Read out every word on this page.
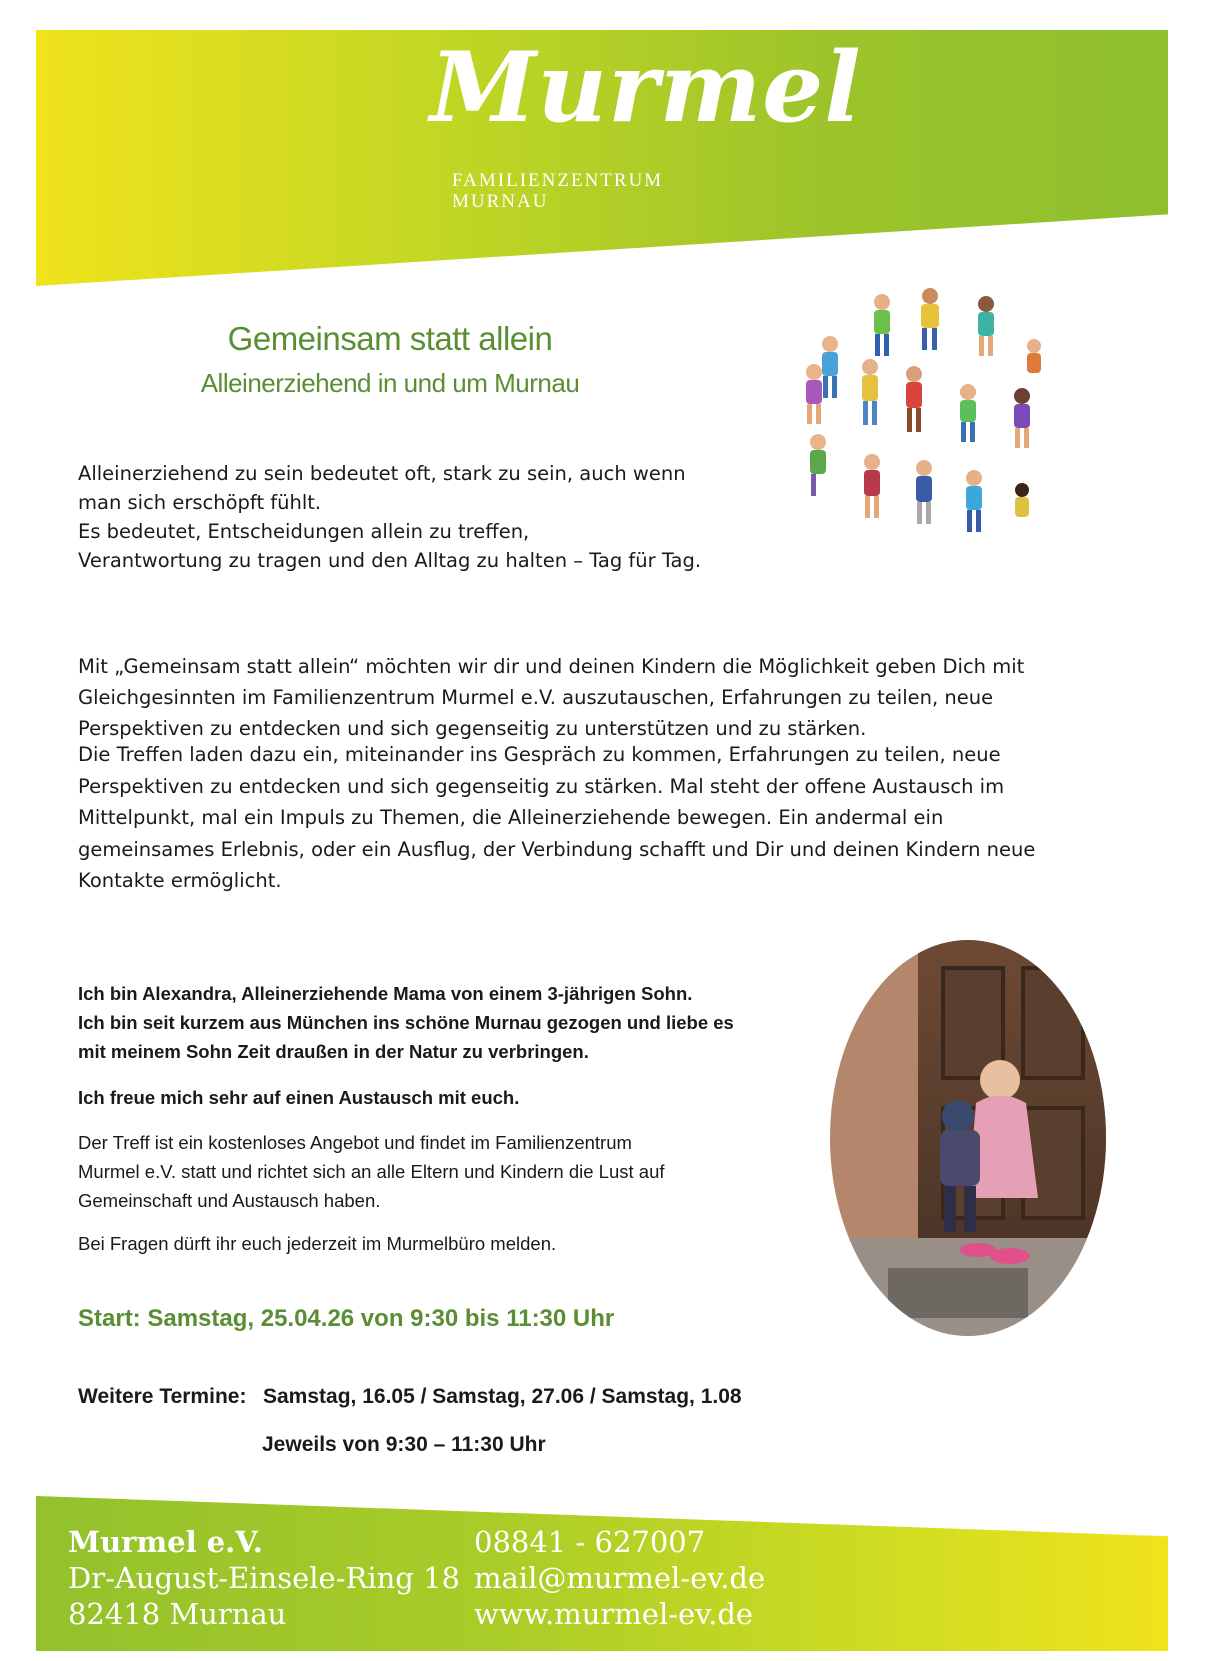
Murmel
FAMILIENZENTRUM
MURNAU
Gemeinsam statt allein
Alleinerziehend in und um Murnau
Alleinerziehend zu sein bedeutet oft, stark zu sein, auch wenn
man sich erschöpft fühlt.
Es bedeutet, Entscheidungen allein zu treffen,
Verantwortung zu tragen und den Alltag zu halten – Tag für Tag.
Mit „Gemeinsam statt allein“ möchten wir dir und deinen Kindern die Möglichkeit geben Dich mit
Gleichgesinnten im Familienzentrum Murmel e.V. auszutauschen, Erfahrungen zu teilen, neue
Perspektiven zu entdecken und sich gegenseitig zu unterstützen und zu stärken.
Die Treffen laden dazu ein, miteinander ins Gespräch zu kommen, Erfahrungen zu teilen, neue
Perspektiven zu entdecken und sich gegenseitig zu stärken. Mal steht der offene Austausch im
Mittelpunkt, mal ein Impuls zu Themen, die Alleinerziehende bewegen. Ein andermal ein
gemeinsames Erlebnis, oder ein Ausflug, der Verbindung schafft und Dir und deinen Kindern neue
Kontakte ermöglicht.
Ich bin Alexandra, Alleinerziehende Mama von einem 3-jährigen Sohn.
Ich bin seit kurzem aus München ins schöne Murnau gezogen und liebe es
mit meinem Sohn Zeit draußen in der Natur zu verbringen.
Ich freue mich sehr auf einen Austausch mit euch.
Der Treff ist ein kostenloses Angebot und findet im Familienzentrum
Murmel e.V. statt und richtet sich an alle Eltern und Kindern die Lust auf
Gemeinschaft und Austausch haben.
Bei Fragen dürft ihr euch jederzeit im Murmelbüro melden.
Start: Samstag, 25.04.26 von 9:30 bis 11:30 Uhr
Weitere Termine: Samstag, 16.05 / Samstag, 27.06 / Samstag, 1.08
Jeweils von 9:30 – 11:30 Uhr
Murmel e.V.
Dr-August-Einsele-Ring 18
82418 Murnau
08841 - 627007
mail@murmel-ev.de
www.murmel-ev.de
